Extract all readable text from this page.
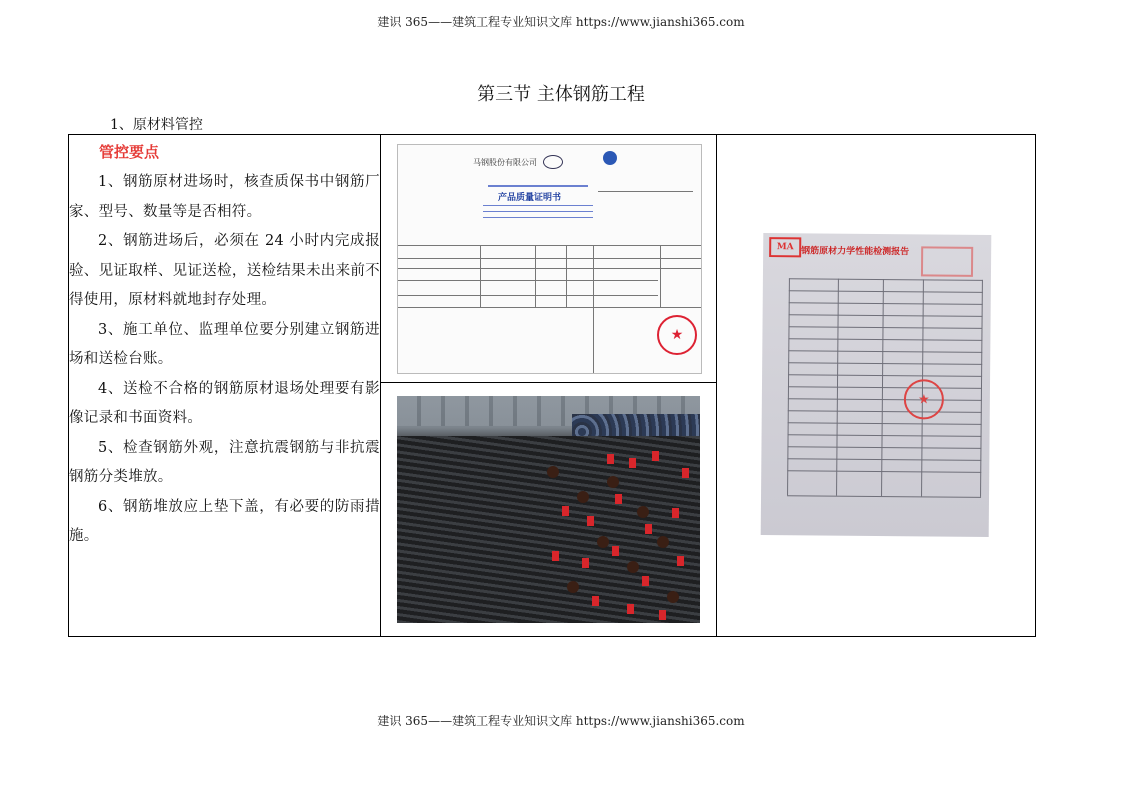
建识 365——建筑工程专业知识文库 https://www.jianshi365.com
第三节 主体钢筋工程
1、原材料管控
管控要点

1、钢筋原材进场时，核查质保书中钢筋厂家、型号、数量等是否相符。

2、钢筋进场后，必须在 24 小时内完成报验、见证取样、见证送检，送检结果未出来前不得使用，原材料就地封存处理。

3、施工单位、监理单位要分别建立钢筋进场和送检台账。

4、送检不合格的钢筋原材退场处理要有影像记录和书面资料。

5、检查钢筋外观，注意抗震钢筋与非抗震钢筋分类堆放。

6、钢筋堆放应上垫下盖，有必要的防雨措施。

马钢股份有限公司
产品质量证明书
★

MA 钢筋原材力学性能检测报告
★

建识 365——建筑工程专业知识文库 https://www.jianshi365.com
